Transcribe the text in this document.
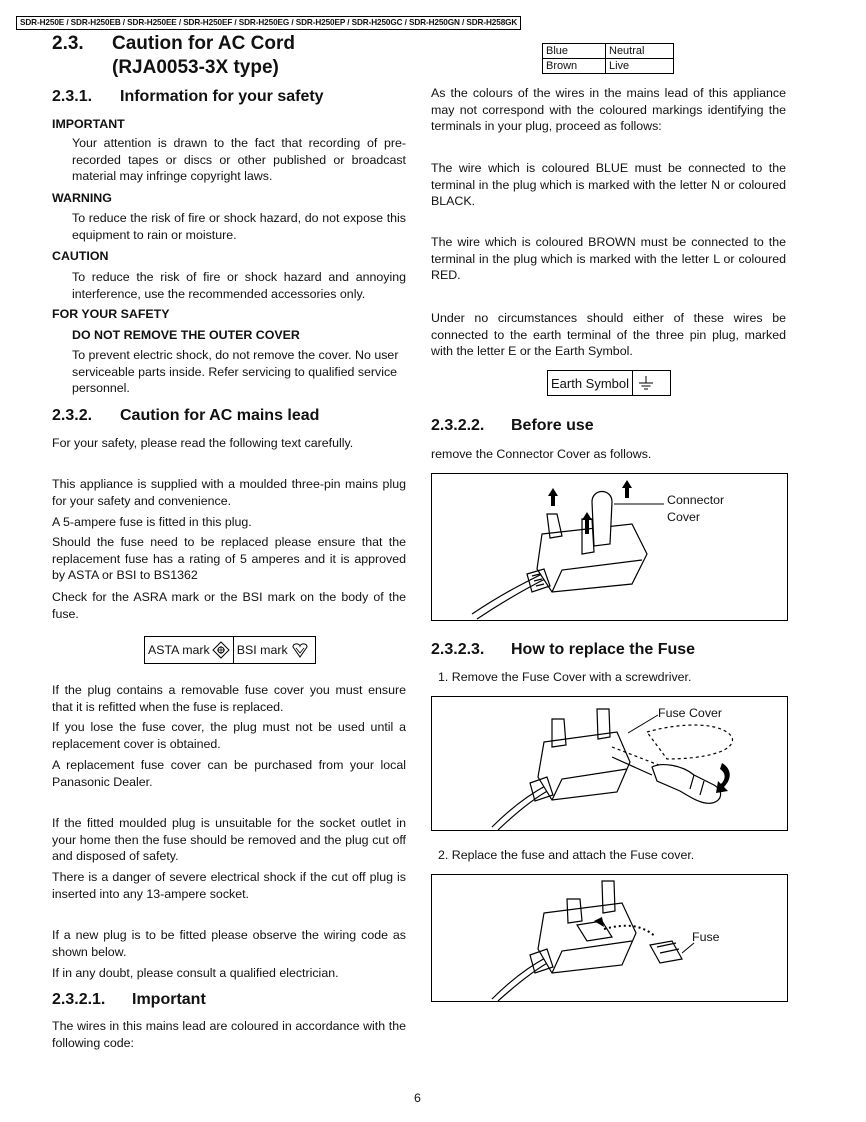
SDR-H250E / SDR-H250EB / SDR-H250EE / SDR-H250EF / SDR-H250EG / SDR-H250EP / SDR-H250GC / SDR-H250GN / SDR-H258GK
2.3. Caution for AC Cord
(RJA0053-3X type)
2.3.1. Information for your safety
IMPORTANT

Your attention is drawn to the fact that recording of pre-recorded tapes or discs or other published or broadcast material may infringe copyright laws.

WARNING

To reduce the risk of fire or shock hazard, do not expose this equipment to rain or moisture.

CAUTION

To reduce the risk of fire or shock hazard and annoying interference, use the recommended accessories only.

FOR YOUR SAFETY
DO NOT REMOVE THE OUTER COVER

To prevent electric shock, do not remove the cover. No user serviceable parts inside. Refer servicing to qualified service personnel.

2.3.2. Caution for AC mains lead

For your safety, please read the following text carefully.

This appliance is supplied with a moulded three-pin mains plug for your safety and convenience.

A 5-ampere fuse is fitted in this plug.

Should the fuse need to be replaced please ensure that the replacement fuse has a rating of 5 amperes and it is approved by ASTA or BSI to BS1362

Check for the ASRA mark or the BSI mark on the body of the fuse.

ASTA mark BSI mark

If the plug contains a removable fuse cover you must ensure that it is refitted when the fuse is replaced.

If you lose the fuse cover, the plug must not be used until a replacement cover is obtained.

A replacement fuse cover can be purchased from your local Panasonic Dealer.

If the fitted moulded plug is unsuitable for the socket outlet in your home then the fuse should be removed and the plug cut off and disposed of safety.

There is a danger of severe electrical shock if the cut off plug is inserted into any 13-ampere socket.

If a new plug is to be fitted please observe the wiring code as shown below.

If in any doubt, please consult a qualified electrician.

2.3.2.1. Important

The wires in this mains lead are coloured in accordance with the following code:

Blue	Neutral
Brown	Live

As the colours of the wires in the mains lead of this appliance may not correspond with the coloured markings identifying the terminals in your plug, proceed as follows:

The wire which is coloured BLUE must be connected to the terminal in the plug which is marked with the letter N or coloured BLACK.

The wire which is coloured BROWN must be connected to the terminal in the plug which is marked with the letter L or coloured RED.

Under no circumstances should either of these wires be connected to the earth terminal of the three pin plug, marked with the letter E or the Earth Symbol.

Earth Symbol
2.3.2.2. Before use

remove the Connector Cover as follows.

Connector
Cover
2.3.2.3. How to replace the Fuse

1. Remove the Fuse Cover with a screwdriver.

Fuse Cover

2. Replace the fuse and attach the Fuse cover.

Fuse
6
